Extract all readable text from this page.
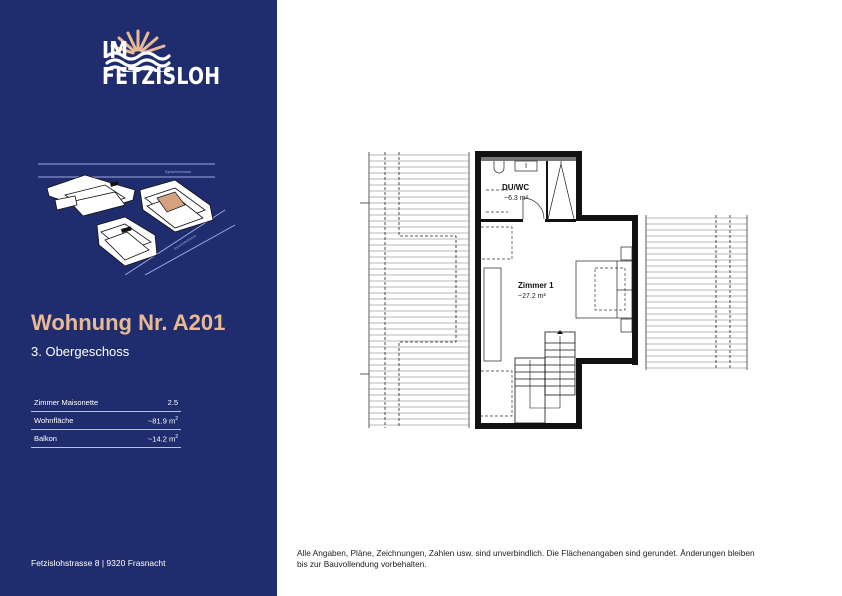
IM FETZISLOH
Egnacherstrasse
Fetzislohstrasse
Wohnung Nr. A201
3. Obergeschoss
Zimmer Maisonette	2.5
Wohnfläche	~81.9 $m^2$
Balkon	~14.2 $m^2$
Fetzislohstrasse 8 | 9320 Frasnacht
DU/WC
~6.3 m²
Zimmer 1
~27.2 m²
Alle Angaben, Pläne, Zeichnungen, Zahlen usw. sind unverbindlich. Die Flächenangaben sind gerundet. Änderungen bleiben bis zur Bauvollendung vorbehalten.
